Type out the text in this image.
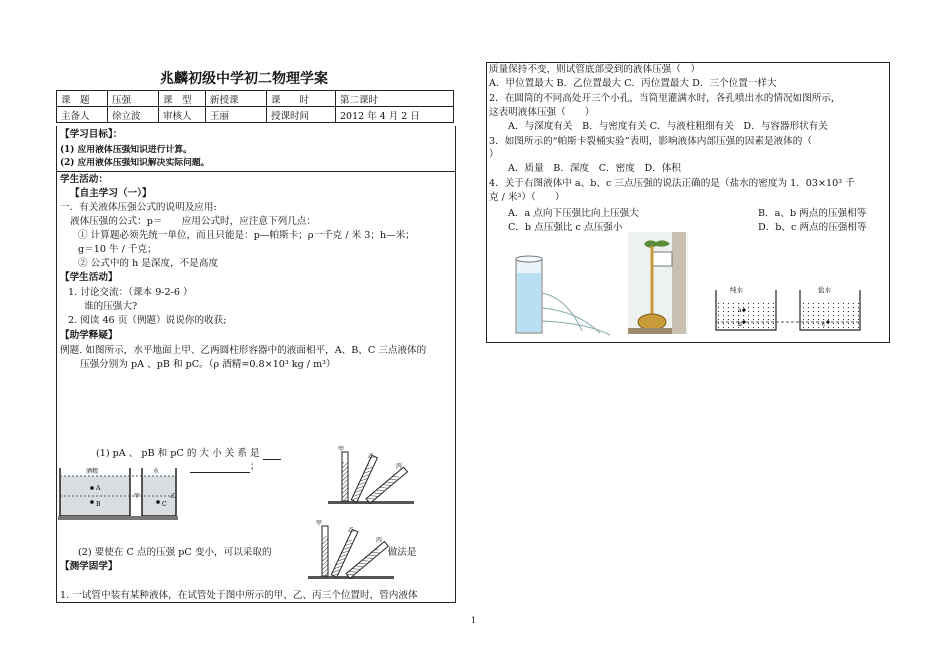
兆麟初级中学初二物理学案
课　题	压强	课　型	新授课	课　　时	第二课时
主备人	徐立波	审核人	王丽	授课时间	2012 年 4 月 2 日
【学习目标】：
(1) 应用液体压强知识进行计算。
(2) 应用液体压强知识解决实际问题。
学生活动：
【自主学习（一）】
一．有关液体压强公式的说明及应用:
液体压强的公式：p＝　　应用公式时，应注意下列几点：
① 计算题必须先统一单位，而且只能是：p—帕斯卡；ρ一千克 / 米 3；h—米；
g＝10 牛 / 千克；
② 公式中的 h 是深度，不是高度
【学生活动】
1. 讨论交流：（课本 9-2-6 ）
谁的压强大?
2. 阅读 46 页（例题）说说你的收获;
【助学释疑】
例题. 如图所示，水平地面上甲、乙两圆柱形容器中的液面相平，A、B、C 三点液体的
压强分别为 pA 、pB 和 pC。（ρ 酒精=0.8×10³ kg / m³）
(1) pA 、 pB 和 pC 的 大 小 关 系 是
；
(2) 要使在 C 点的压强 pC 变小，可以采取的	做法是
【测学固学】
1. 一试管中装有某种液体，在试管处于图中所示的甲、乙、丙三个位置时，管内液体
酒精	水
A
B	C
甲	乙
甲
乙
丙
甲
乙
丙
质量保持不变，则试管底部受到的液体压强（　）
A．甲位置最大 B．乙位置最大 C．丙位置最大 D．三个位置一样大
2．在圆筒的不同高处开三个小孔，当筒里灌满水时，各孔喷出水的情况如图所示，
这表明液体压强（　　）
A．与深度有关　B．与密度有关 C．与液柱粗细有关　D．与容器形状有关
3．如图所示的“帕斯卡裂桶实验”表明，影响液体内部压强的因素是液体的（
）
A．质量　B．深度　C．密度　D．体积
4．关于右图液体中 a、b、c 三点压强的说法正确的是（盐水的密度为 1．03×10³ 千
克 / 米³）（　　）
A．a 点向下压强比向上压强大	B．a、b 两点的压强相等
C．b 点压强比 c 点压强小	D．b、c 两点的压强相等
纯水	盐水
a
b	c
1
